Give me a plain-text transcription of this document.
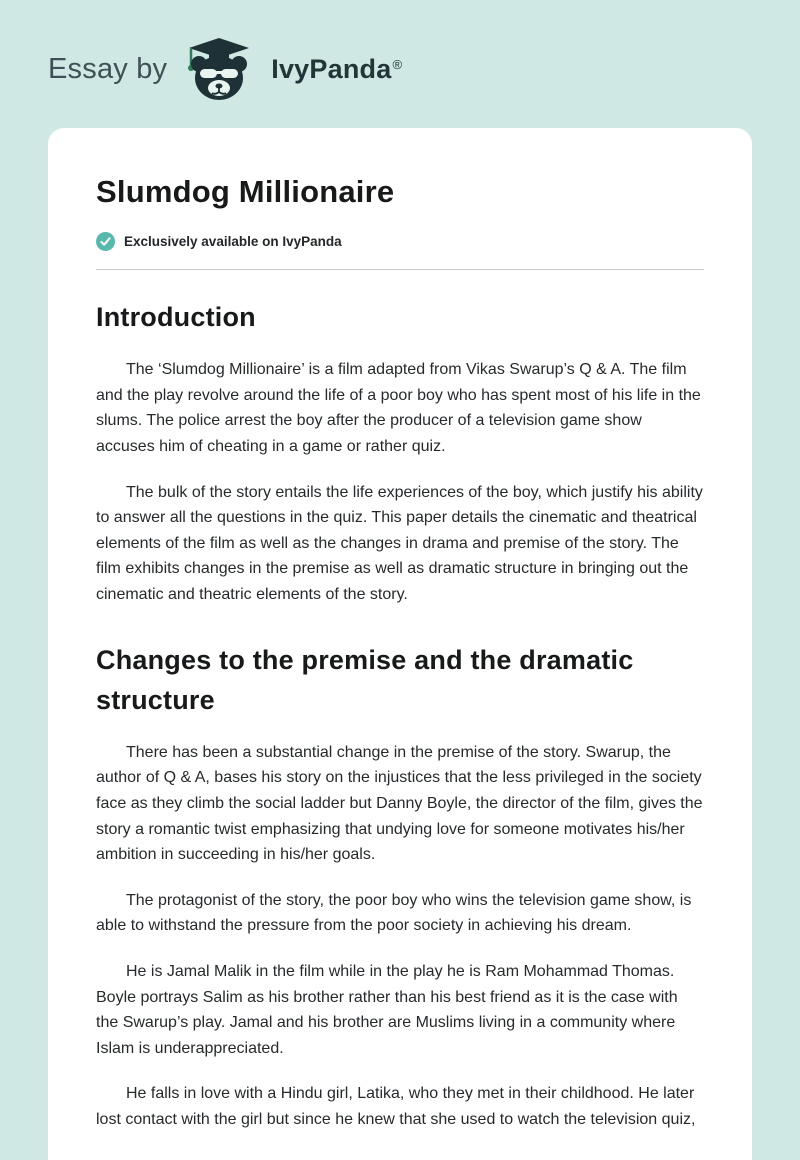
Essay by	IvyPanda ®
Slumdog Millionaire
Exclusively available on IvyPanda
Introduction

The ‘Slumdog Millionaire’ is a film adapted from Vikas Swarup’s Q & A. The film and the play revolve around the life of a poor boy who has spent most of his life in the slums. The police arrest the boy after the producer of a television game show accuses him of cheating in a game or rather quiz.

The bulk of the story entails the life experiences of the boy, which justify his ability to answer all the questions in the quiz. This paper details the cinematic and theatrical elements of the film as well as the changes in drama and premise of the story. The film exhibits changes in the premise as well as dramatic structure in bringing out the cinematic and theatric elements of the story.

Changes to the premise and the dramatic structure

There has been a substantial change in the premise of the story. Swarup, the author of Q & A, bases his story on the injustices that the less privileged in the society face as they climb the social ladder but Danny Boyle, the director of the film, gives the story a romantic twist emphasizing that undying love for someone motivates his/her ambition in succeeding in his/her goals.

The protagonist of the story, the poor boy who wins the television game show, is able to withstand the pressure from the poor society in achieving his dream.

He is Jamal Malik in the film while in the play he is Ram Mohammad Thomas. Boyle portrays Salim as his brother rather than his best friend as it is the case with the Swarup’s play. Jamal and his brother are Muslims living in a community where Islam is underappreciated.

He falls in love with a Hindu girl, Latika, who they met in their childhood. He later lost contact with the girl but since he knew that she used to watch the television quiz,
